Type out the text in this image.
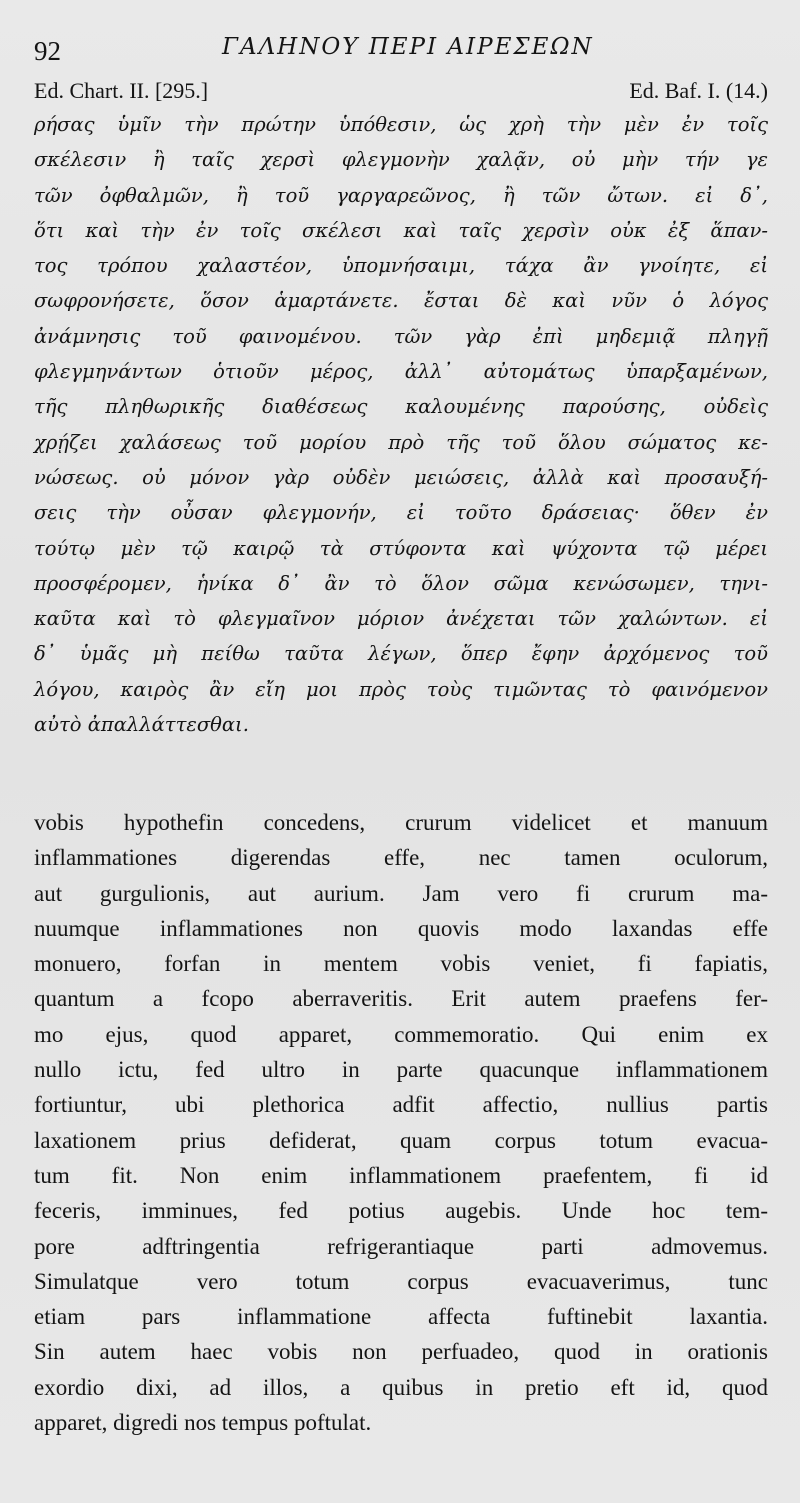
92	ΓΑΛΗΝΟΥ ΠΕΡΙ ΑΙΡΕΣΕΩΝ
Ed. Chart. II. [295.]	Ed. Baf. I. (14.)
ρήσας ὑμῖν τὴν πρώτην ὑπόθεσιν, ὡς χρὴ τὴν μὲν ἐν τοῖς
σκέλεσιν ἢ ταῖς χερσὶ φλεγμονὴν χαλᾷν, οὐ μὴν τήν γε
τῶν ὀφθαλμῶν, ἢ τοῦ γαργαρεῶνος, ἢ τῶν ὤτων. εἰ δ᾽,
ὅτι καὶ τὴν ἐν τοῖς σκέλεσι καὶ ταῖς χερσὶν οὐκ ἐξ ἅπαν-
τος τρόπου χαλαστέον, ὑπομνήσαιμι, τάχα ἂν γνοίητε, εἰ
σωφρονήσετε, ὅσον ἁμαρτάνετε. ἔσται δὲ καὶ νῦν ὁ λόγος
ἀνάμνησις τοῦ φαινομένου. τῶν γὰρ ἐπὶ μηδεμιᾷ πληγῇ
φλεγμηνάντων ὁτιοῦν μέρος, ἀλλ᾽ αὐτομάτως ὑπαρξαμένων,
τῆς πληθωρικῆς διαθέσεως καλουμένης παρούσης, οὐδεὶς
χρῄζει χαλάσεως τοῦ μορίου πρὸ τῆς τοῦ ὅλου σώματος κε-
νώσεως. οὐ μόνον γὰρ οὐδὲν μειώσεις, ἀλλὰ καὶ προσαυξή-
σεις τὴν οὖσαν φλεγμονήν, εἰ τοῦτο δράσειας· ὅθεν ἐν
τούτῳ μὲν τῷ καιρῷ τὰ στύφοντα καὶ ψύχοντα τῷ μέρει
προσφέρομεν, ἡνίκα δ᾽ ἂν τὸ ὅλον σῶμα κενώσωμεν, τηνι-
καῦτα καὶ τὸ φλεγμαῖνον μόριον ἀνέχεται τῶν χαλώντων. εἰ
δ᾽ ὑμᾶς μὴ πείθω ταῦτα λέγων, ὅπερ ἔφην ἀρχόμενος τοῦ
λόγου, καιρὸς ἂν εἴη μοι πρὸς τοὺς τιμῶντας τὸ φαινόμενον
αὐτὸ ἀπαλλάττεσθαι.
vobis hypothefin concedens, crurum videlicet et manuum
inflammationes digerendas effe, nec tamen oculorum,
aut gurgulionis, aut aurium. Jam vero fi crurum ma-
nuumque inflammationes non quovis modo laxandas effe
monuero, forfan in mentem vobis veniet, fi fapiatis,
quantum a fcopo aberraveritis. Erit autem praefens fer-
mo ejus, quod apparet, commemoratio. Qui enim ex
nullo ictu, fed ultro in parte quacunque inflammationem
fortiuntur, ubi plethorica adfit affectio, nullius partis
laxationem prius defiderat, quam corpus totum evacua-
tum fit. Non enim inflammationem praefentem, fi id
feceris, imminues, fed potius augebis. Unde hoc tem-
pore adftringentia refrigerantiaque parti admovemus.
Simulatque vero totum corpus evacuaverimus, tunc
etiam pars inflammatione affecta fuftinebit laxantia.
Sin autem haec vobis non perfuadeo, quod in orationis
exordio dixi, ad illos, a quibus in pretio eft id, quod
apparet, digredi nos tempus poftulat.
